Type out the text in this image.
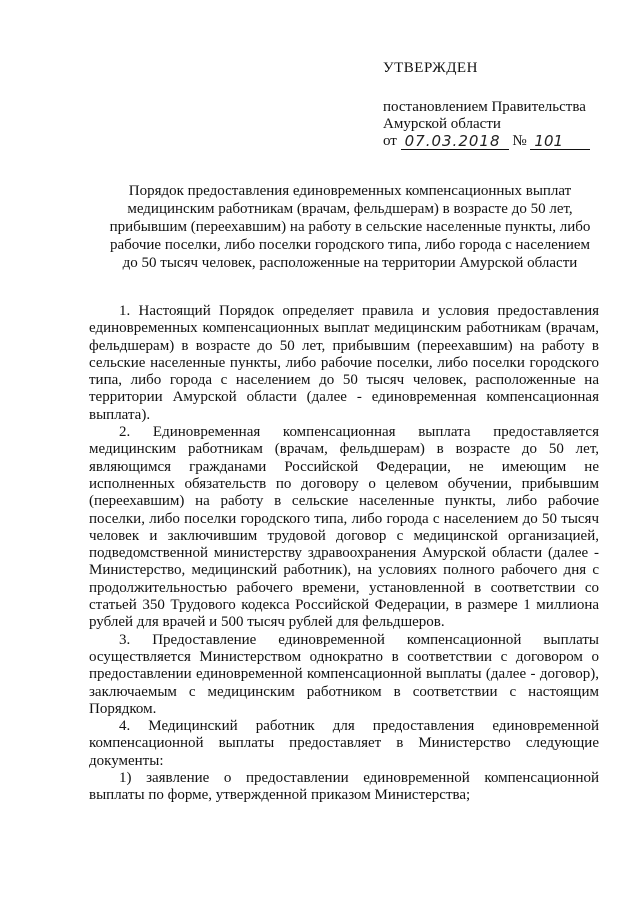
УТВЕРЖДЕН
постановлением Правительства
Амурской области
от
07.03.2018
№
101
Порядок предоставления единовременных компенсационных выплат медицинским работникам (врачам, фельдшерам) в возрасте до 50 лет, прибывшим (переехавшим) на работу в сельские населенные пункты, либо рабочие поселки, либо поселки городского типа, либо города с населением до 50 тысяч человек, расположенные на территории Амурской области

1. Настоящий Порядок определяет правила и условия предоставления единовременных компенсационных выплат медицинским работникам (врачам, фельдшерам) в возрасте до 50 лет, прибывшим (переехавшим) на работу в сельские населенные пункты, либо рабочие поселки, либо поселки городского типа, либо города с населением до 50 тысяч человек, расположенные на территории Амурской области (далее - единовременная компенсационная выплата).

2. Единовременная компенсационная выплата предоставляется медицинским работникам (врачам, фельдшерам) в возрасте до 50 лет, являющимся гражданами Российской Федерации, не имеющим не исполненных обязательств по договору о целевом обучении, прибывшим (переехавшим) на работу в сельские населенные пункты, либо рабочие поселки, либо поселки городского типа, либо города с населением до 50 тысяч человек и заключившим трудовой договор с медицинской организацией, подведомственной министерству здравоохранения Амурской области (далее - Министерство, медицинский работник), на условиях полного рабочего дня с продолжительностью рабочего времени, установленной в соответствии со статьей 350 Трудового кодекса Российской Федерации, в размере 1 миллиона рублей для врачей и 500 тысяч рублей для фельдшеров.

3. Предоставление единовременной компенсационной выплаты осуществляется Министерством однократно в соответствии с договором о предоставлении единовременной компенсационной выплаты (далее - договор), заключаемым с медицинским работником в соответствии с настоящим Порядком.

4. Медицинский работник для предоставления единовременной компенсационной выплаты предоставляет в Министерство следующие документы:

1) заявление о предоставлении единовременной компенсационной выплаты по форме, утвержденной приказом Министерства;
